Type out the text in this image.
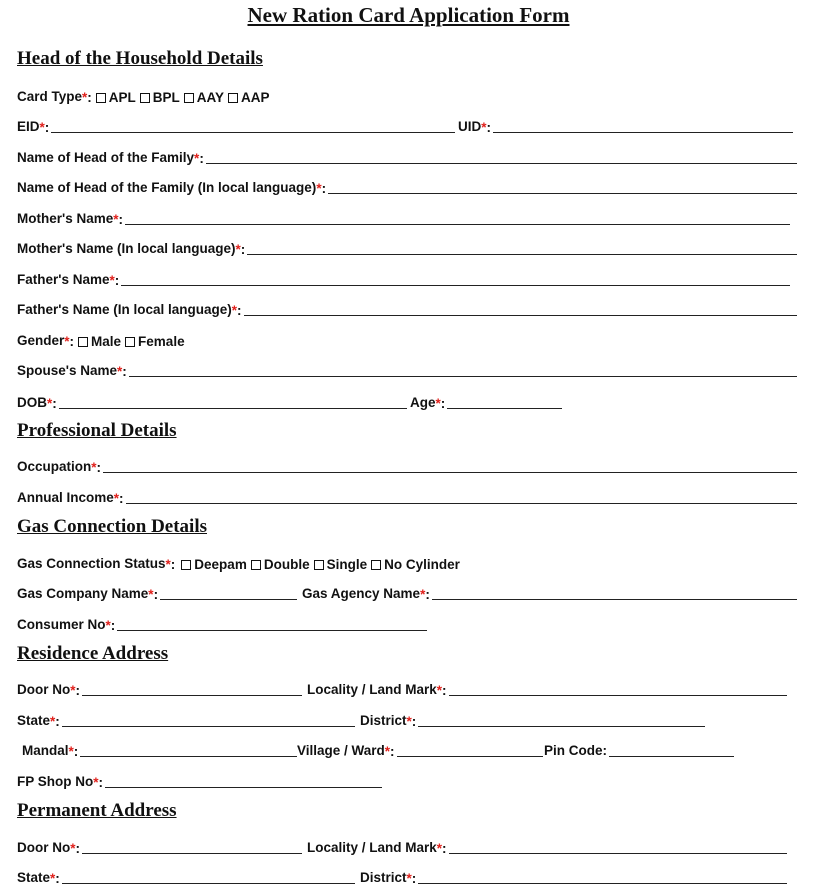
New Ration Card Application Form
Head of the Household Details
Card Type * : APL BPL AAY AAP
EID * :	UID * :
Name of Head of the Family * :
Name of Head of the Family (In local language) * :
Mother's Name * :
Mother's Name (In local language) * :
Father's Name * :
Father's Name (In local language) * :
Gender * : Male Female
Spouse's Name * :
DOB * :	Age * :
Professional Details
Occupation * :
Annual Income * :
Gas Connection Details
Gas Connection Status * : Deepam Double Single No Cylinder
Gas Company Name * :	Gas Agency Name * :
Consumer No * :
Residence Address
Door No * :	Locality / Land Mark * :
State * :	District * :
Mandal * :	Village / Ward * :	Pin Code:
FP Shop No * :
Permanent Address
Door No * :	Locality / Land Mark * :
State * :	District * :
